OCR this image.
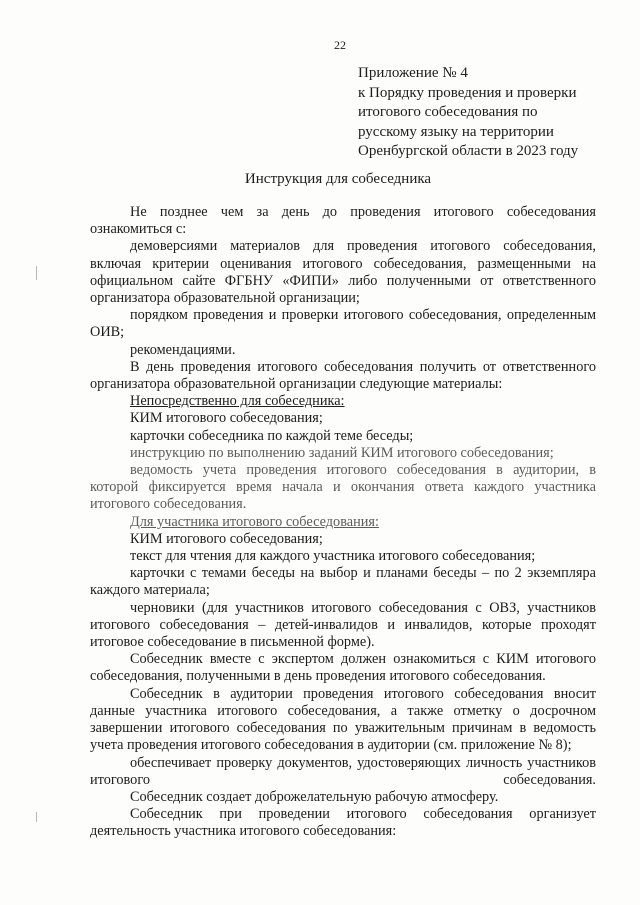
22
Приложение № 4
к Порядку проведения и проверки
итогового собеседования по
русскому языку на территории
Оренбургской области в 2023 году
Инструкция для собеседника

Не позднее чем за день до проведения итогового собеседования ознакомиться с:

демоверсиями материалов для проведения итогового собеседования, включая критерии оценивания итогового собеседования, размещенными на официальном сайте ФГБНУ «ФИПИ» либо полученными от ответственного организатора образовательной организации;

порядком проведения и проверки итогового собеседования, определенным ОИВ;

рекомендациями.

В день проведения итогового собеседования получить от ответственного организатора образовательной организации следующие материалы:

Непосредственно для собеседника:

КИМ итогового собеседования;

карточки собеседника по каждой теме беседы;

инструкцию по выполнению заданий КИМ итогового собеседования;

ведомость учета проведения итогового собеседования в аудитории, в которой фиксируется время начала и окончания ответа каждого участника итогового собеседования.

Для участника итогового собеседования:

КИМ итогового собеседования;

текст для чтения для каждого участника итогового собеседования;

карточки с темами беседы на выбор и планами беседы – по 2 экземпляра каждого материала;

черновики (для участников итогового собеседования с ОВЗ, участников итогового собеседования – детей-инвалидов и инвалидов, которые проходят итоговое собеседование в письменной форме).

Собеседник вместе с экспертом должен ознакомиться с КИМ итогового собеседования, полученными в день проведения итогового собеседования.

Собеседник в аудитории проведения итогового собеседования вносит данные участника итогового собеседования, а также отметку о досрочном завершении итогового собеседования по уважительным причинам в ведомость учета проведения итогового собеседования в аудитории (см. приложение № 8);

обеспечивает проверку документов, удостоверяющих личность участников итогового собеседования.

Собеседник создает доброжелательную рабочую атмосферу.

Собеседник при проведении итогового собеседования организует деятельность участника итогового собеседования:
